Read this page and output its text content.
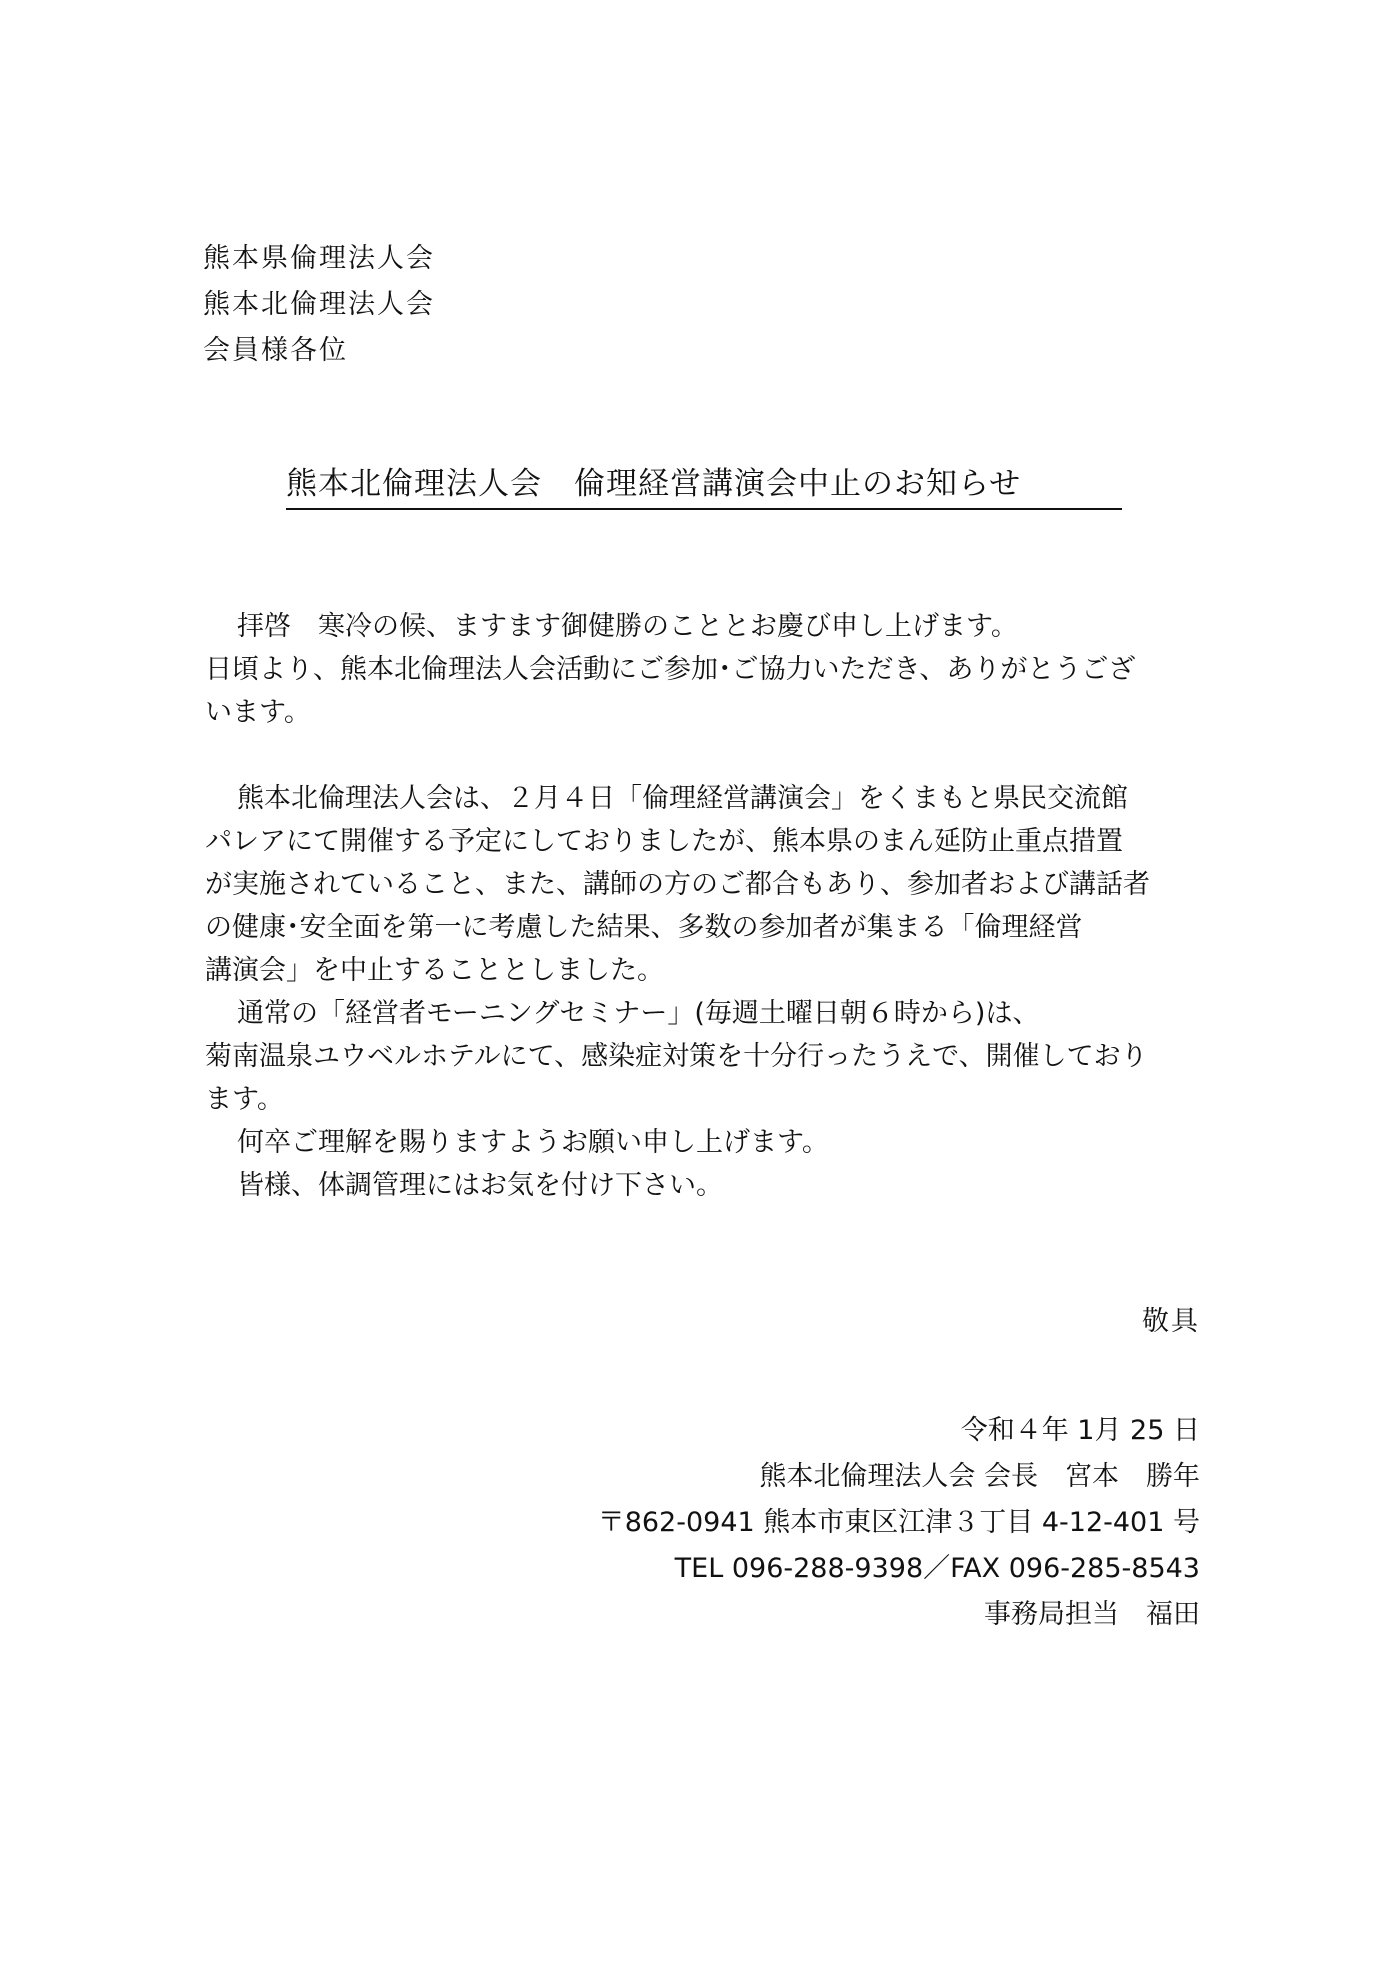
熊本県倫理法人会
熊本北倫理法人会
会員様各位
熊本北倫理法人会　倫理経営講演会中止のお知らせ

拝啓　寒冷の候、ますます御健勝のこととお慶び申し上げます。

日頃より、熊本北倫理法人会活動にご参加･ご協力いただき、ありがとうござ

います。

熊本北倫理法人会は、２月４日「倫理経営講演会」をくまもと県民交流館

パレアにて開催する予定にしておりましたが、熊本県のまん延防止重点措置

が実施されていること、また、講師の方のご都合もあり、参加者および講話者

の健康･安全面を第一に考慮した結果、多数の参加者が集まる「倫理経営

講演会」を中止することとしました。

通常の「経営者モーニングセミナー」(毎週土曜日朝６時から)は、

菊南温泉ユウベルホテルにて、感染症対策を十分行ったうえで、開催しており

ます。

何卒ご理解を賜りますようお願い申し上げます。

皆様、体調管理にはお気を付け下さい。

敬具
令和４年 1月 25 日
熊本北倫理法人会 会長　宮本　勝年
〒862-0941 熊本市東区江津３丁目 4-12-401 号
TEL 096-288-9398／FAX 096-285-8543
事務局担当　福田
